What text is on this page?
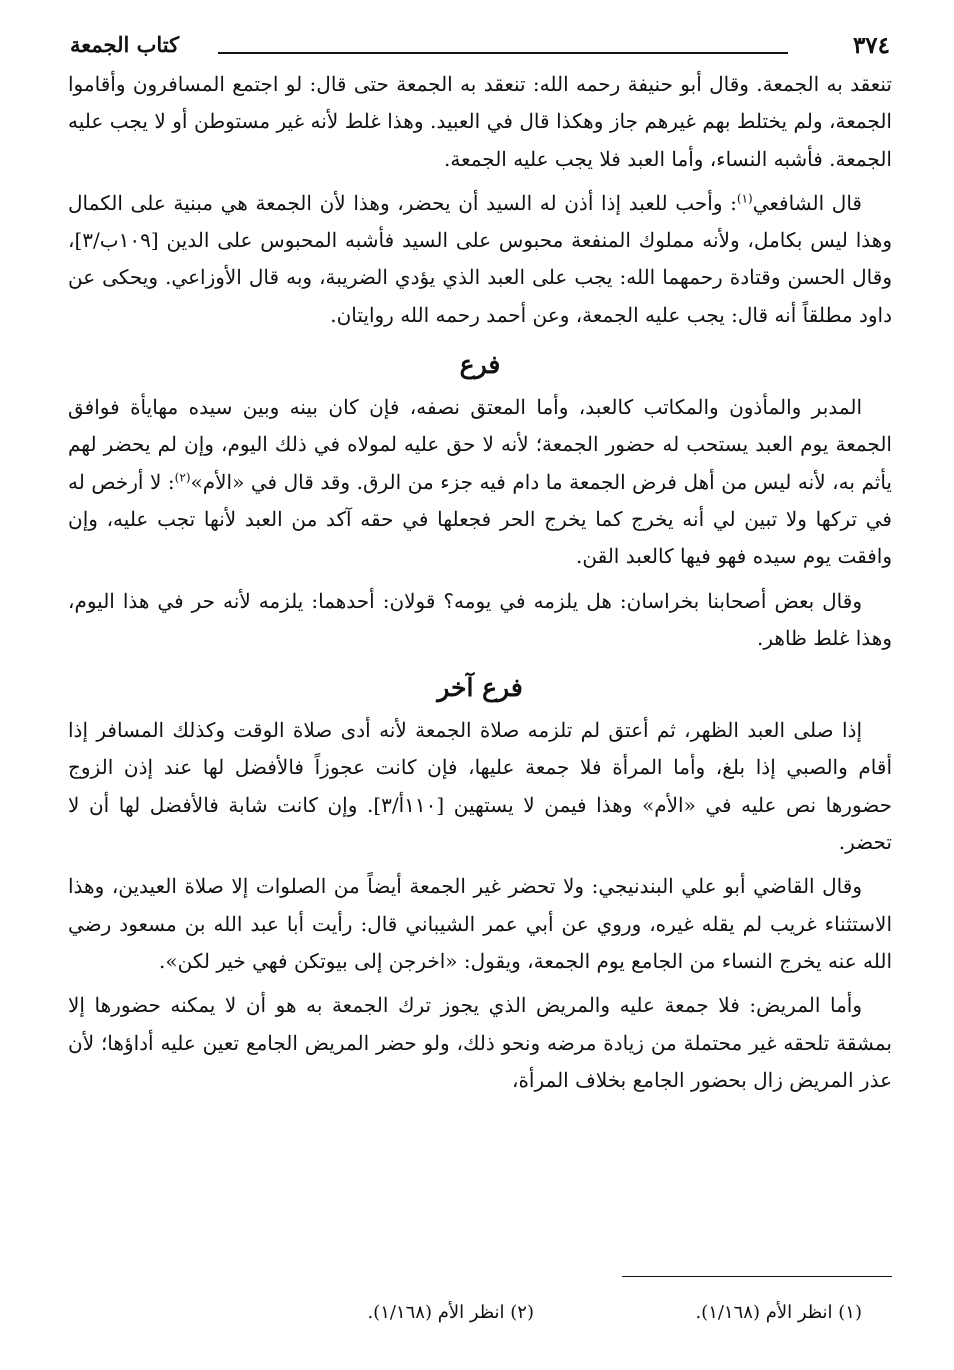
٣٧٤
كتاب الجمعة

تنعقد به الجمعة. وقال أبو حنيفة رحمه الله: تنعقد به الجمعة حتى قال: لو اجتمع المسافرون وأقاموا الجمعة، ولم يختلط بهم غيرهم جاز وهكذا قال في العبيد. وهذا غلط لأنه غير مستوطن أو لا يجب عليه الجمعة. فأشبه النساء، وأما العبد فلا يجب عليه الجمعة.

قال الشافعي$^{(١)}$: وأحب للعبد إذا أذن له السيد أن يحضر، وهذا لأن الجمعة هي مبنية على الكمال وهذا ليس بكامل، ولأنه مملوك المنفعة محبوس على السيد فأشبه المحبوس على الدين [١٠٩ب/٣]، وقال الحسن وقتادة رحمهما الله: يجب على العبد الذي يؤدي الضريبة، وبه قال الأوزاعي. ويحكى عن داود مطلقاً أنه قال: يجب عليه الجمعة، وعن أحمد رحمه الله روايتان.

فرع

المدبر والمأذون والمكاتب كالعبد، وأما المعتق نصفه، فإن كان بينه وبين سيده مهايأة فوافق الجمعة يوم العبد يستحب له حضور الجمعة؛ لأنه لا حق عليه لمولاه في ذلك اليوم، وإن لم يحضر لهم يأثم به، لأنه ليس من أهل فرض الجمعة ما دام فيه جزء من الرق. وقد قال في «الأم»$^{(٢)}$: لا أرخص له في تركها ولا تبين لي أنه يخرج كما يخرج الحر فجعلها في حقه آكد من العبد لأنها تجب عليه، وإن وافقت يوم سيده فهو فيها كالعبد القن.

وقال بعض أصحابنا بخراسان: هل يلزمه في يومه؟ قولان: أحدهما: يلزمه لأنه حر في هذا اليوم، وهذا غلط ظاهر.

فرع آخر

إذا صلى العبد الظهر، ثم أعتق لم تلزمه صلاة الجمعة لأنه أدى صلاة الوقت وكذلك المسافر إذا أقام والصبي إذا بلغ، وأما المرأة فلا جمعة عليها، فإن كانت عجوزاً فالأفضل لها عند إذن الزوج حضورها نص عليه في «الأم» وهذا فيمن لا يستهين [١١٠أ/٣]. وإن كانت شابة فالأفضل لها أن لا تحضر.

وقال القاضي أبو علي البندنيجي: ولا تحضر غير الجمعة أيضاً من الصلوات إلا صلاة العيدين، وهذا الاستثناء غريب لم يقله غيره، وروي عن أبي عمر الشيباني قال: رأيت أبا عبد الله بن مسعود رضي الله عنه يخرج النساء من الجامع يوم الجمعة، ويقول: «اخرجن إلى بيوتكن فهي خير لكن».

وأما المريض: فلا جمعة عليه والمريض الذي يجوز ترك الجمعة به هو أن لا يمكنه حضورها إلا بمشقة تلحقه غير محتملة من زيادة مرضه ونحو ذلك، ولو حضر المريض الجامع تعين عليه أداؤها؛ لأن عذر المريض زال بحضور الجامع بخلاف المرأة،

(١) انظر الأم (١/١٦٨).
(٢) انظر الأم (١/١٦٨).
